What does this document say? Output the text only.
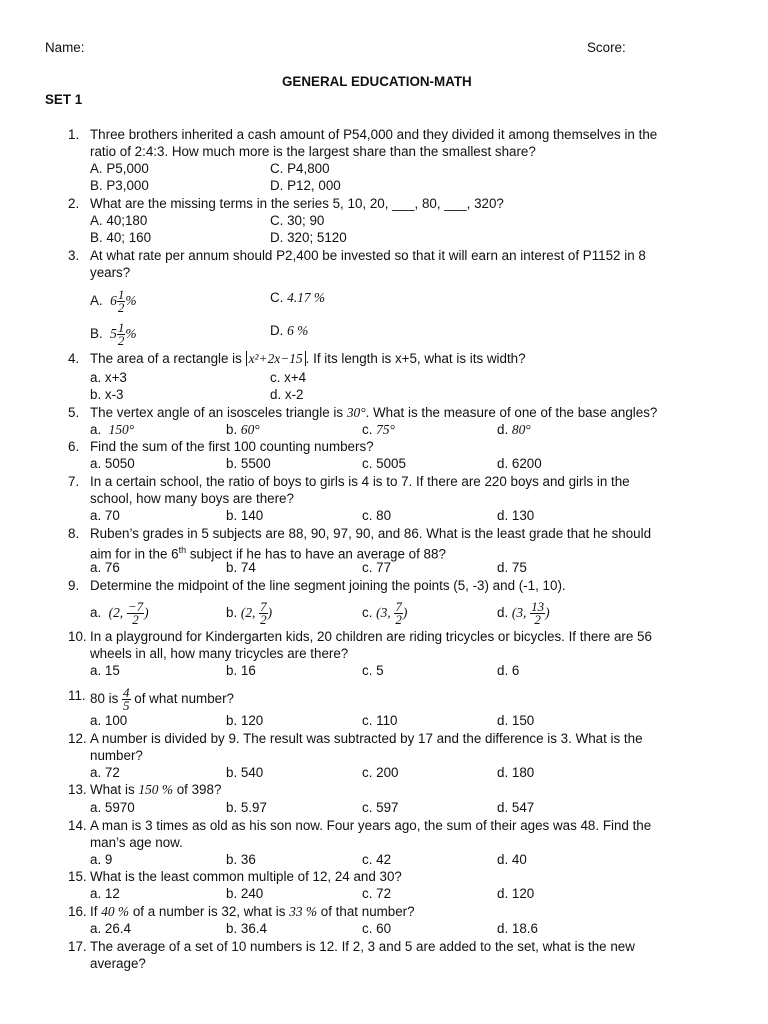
Name:	Score:
GENERAL EDUCATION-MATH
SET 1
1. Three brothers inherited a cash amount of P54,000 and they divided it among themselves in the
ratio of 2:4:3. How much more is the largest share than the smallest share?
A. P5,000	C. P4,800
B. P3,000	D. P12, 000
2. What are the missing terms in the series 5, 10, 20, ___, 80, ___, 320?
A. 40;180	C. 30; 90
B. 40; 160	D. 320; 5120
3. At what rate per annum should P2,400 be invested so that it will earn an interest of P1152 in 8
years?
A. $6 \frac{1}{2}$ %	C. 4.17 %
B. $5 \frac{1}{2}$ %	D. 6 %
4. The area of a rectangle is x²+2x−15 . If its length is x+5, what is its width?
a. x+3	c. x+4
b. x-3	d. x-2
5. The vertex angle of an isosceles triangle is 30°. What is the measure of one of the base angles?
a. 150°	b. 60°	c. 75°	d. 80°
6. Find the sum of the first 100 counting numbers?
a. 5050	b. 5500	c. 5005	d. 6200
7. In a certain school, the ratio of boys to girls is 4 is to 7. If there are 220 boys and girls in the
school, how many boys are there?
a. 70	b. 140	c. 80	d. 130
8. Ruben’s grades in 5 subjects are 88, 90, 97, 90, and 86. What is the least grade that he should
aim for in the 6th subject if he has to have an average of 88?
a. 76	b. 74	c. 77	d. 75
9. Determine the midpoint of the line segment joining the points (5, -3) and (-1, 10).
a. (2, $\frac{-7}{2}$ )	b. (2, $\frac{7}{2}$ )	c. (3, $\frac{7}{2}$ )	d. (3, $\frac{13}{2}$ )
10. In a playground for Kindergarten kids, 20 children are riding tricycles or bicycles. If there are 56
wheels in all, how many tricycles are there?
a. 15	b. 16	c. 5	d. 6
11. 80 is $\frac{4}{5}$ of what number?
a. 100	b. 120	c. 110	d. 150
12. A number is divided by 9. The result was subtracted by 17 and the difference is 3. What is the
number?
a. 72	b. 540	c. 200	d. 180
13. What is 150 % of 398?
a. 5970	b. 5.97	c. 597	d. 547
14. A man is 3 times as old as his son now. Four years ago, the sum of their ages was 48. Find the
man’s age now.
a. 9	b. 36	c. 42	d. 40
15. What is the least common multiple of 12, 24 and 30?
a. 12	b. 240	c. 72	d. 120
16. If 40 % of a number is 32, what is 33 % of that number?
a. 26.4	b. 36.4	c. 60	d. 18.6
17. The average of a set of 10 numbers is 12. If 2, 3 and 5 are added to the set, what is the new
average?
